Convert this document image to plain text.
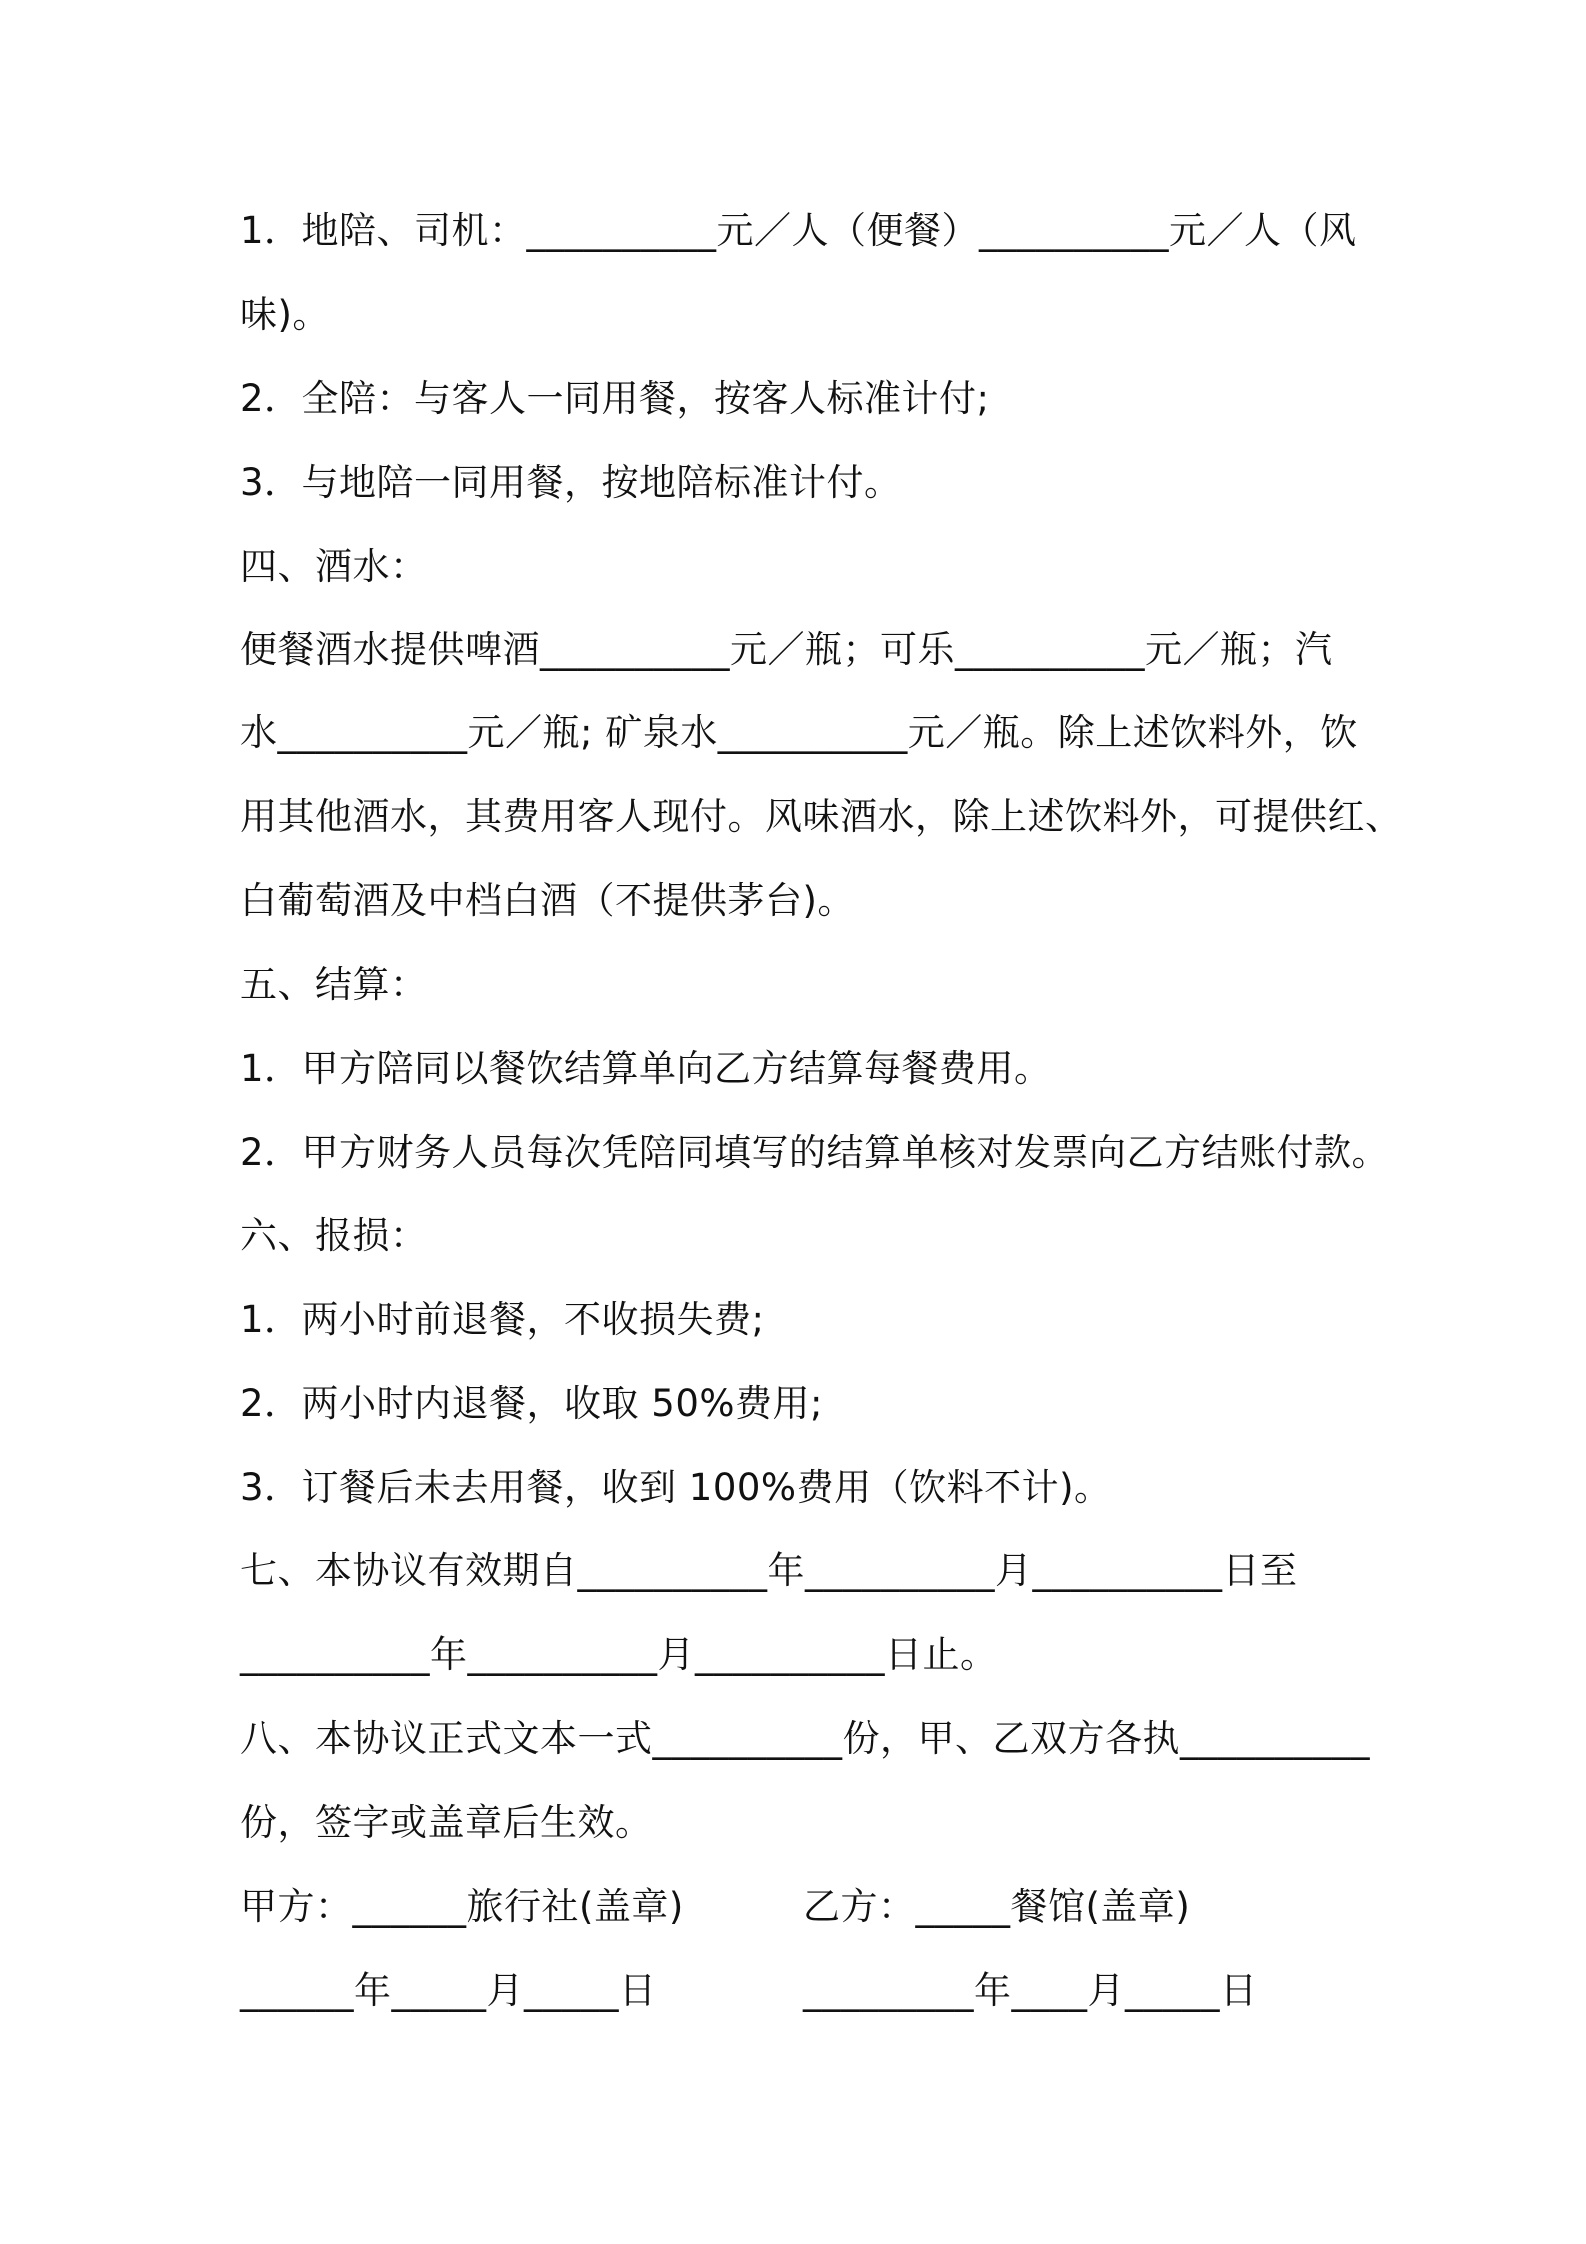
1．地陪、司机：__________元／人（便餐）__________元／人（风
味)。
2．全陪：与客人一同用餐，按客人标准计付;
3．与地陪一同用餐，按地陪标准计付。
四、酒水：
便餐酒水提供啤酒__________元／瓶；可乐__________元／瓶；汽
水__________元／瓶; 矿泉水__________元／瓶。除上述饮料外，饮
用其他酒水，其费用客人现付。风味酒水，除上述饮料外，可提供红、
白葡萄酒及中档白酒（不提供茅台)。
五、结算：
1．甲方陪同以餐饮结算单向乙方结算每餐费用。
2．甲方财务人员每次凭陪同填写的结算单核对发票向乙方结账付款。
六、报损：
1．两小时前退餐，不收损失费;
2．两小时内退餐，收取 50%费用;
3．订餐后未去用餐，收到 100%费用（饮料不计)。
七、本协议有效期自__________年__________月__________日至
__________年__________月__________日止。
八、本协议正式文本一式__________份，甲、乙双方各执__________
份，签字或盖章后生效。
甲方：______旅行社(盖章)	乙方：_____餐馆(盖章)
______年_____月_____日	_________年____月_____日
